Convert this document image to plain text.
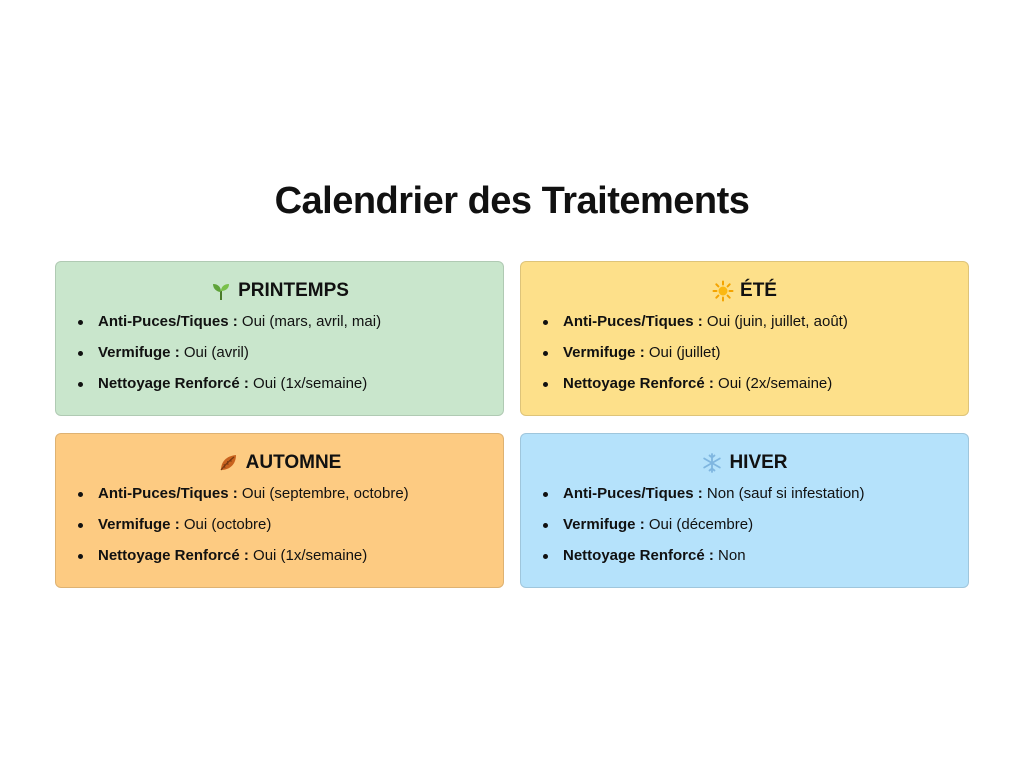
Calendrier des Traitements
PRINTEMPS
Anti-Puces/Tiques : Oui (mars, avril, mai)
Vermifuge : Oui (avril)
Nettoyage Renforcé : Oui (1x/semaine)
ÉTÉ
Anti-Puces/Tiques : Oui (juin, juillet, août)
Vermifuge : Oui (juillet)
Nettoyage Renforcé : Oui (2x/semaine)
AUTOMNE
Anti-Puces/Tiques : Oui (septembre, octobre)
Vermifuge : Oui (octobre)
Nettoyage Renforcé : Oui (1x/semaine)
HIVER
Anti-Puces/Tiques : Non (sauf si infestation)
Vermifuge : Oui (décembre)
Nettoyage Renforcé : Non
